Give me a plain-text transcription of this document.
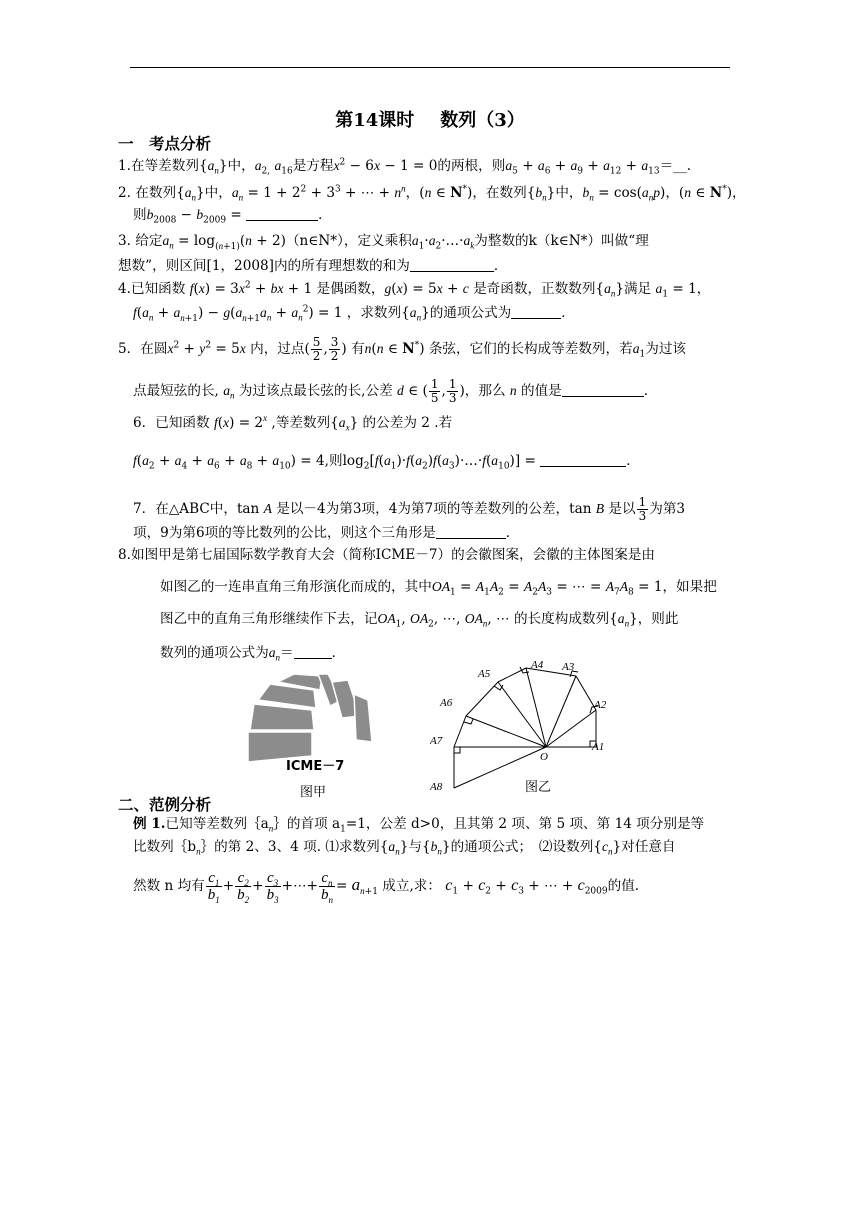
第14课时 数列（3）
一　考点分析
1.在等差数列$\{a_n\}$中，$a_{2,}$ $a_{16}$是方程$x^2 - 6x - 1 = 0$的两根，则$a_5 + a_6 + a_9 + a_{12}$ + $a_{13}=\_\_$.
2. 在数列$\{a_n\}$中，$a_n = 1 + 2^2 + 3^3$ + ⋯ + $n^n$，(n ∈ N*)，在数列$\{b_n\}$中，$b_n = \cos(a_np)$，(n ∈ N*)，
则$b_{2008} - b_{2009}$ =	．
3. 给定$a_n = \log_{(n+1)}(n$ + 2)（n∈N*），定义乘积$a_1\cdot a_2\cdot\dots\cdot a_k$为整数的k（k∈N*）叫做“理
想数”，则区间[1，2008]内的所有理想数的和为	．
4.已知函数 $f(x) = 3x^2$ + bx + 1 是偶函数，g(x) = 5x + c 是奇函数，正数数列$\{a_n\}$满足 $a_1 = 1$，
$f(a_n + a_{n+1}) - g(a_{n+1}a_n + a_n^2) = 1$ ，求数列$\{a_n\}$的通项公式为	．
5．在圆$x^2 + y^2 = 5x$ 内，过点( $\frac{5}{2}$ , $\frac{3}{2}$ ) 有n(n ∈ N*) 条弦，它们的长构成等差数列，若$a_1$为过该
点最短弦的长, $a_n$ 为过该点最长弦的长,公差 d ∈ ( $\frac{1}{5}$ , $\frac{1}{3}$ )，那么 n 的值是	．
6．已知函数 $f(x) = 2^x$ ,等差数列$\{a_x\}$ 的公差为 2 .若
$f(a_2 + a_4 + a_6 + a_8 + a_{10}) = 4$,则$\log_2[f(a_1)\cdot f(a_2)f(a_3)\cdot\dots\cdot f(a_{10})]$ =	．
7．在△ABC中，tan A 是以－4为第3项，4为第7项的等差数列的公差，tan B 是以 $\frac{1}{3}$ 为第3
项，9为第6项的等比数列的公比，则这个三角形是	．
8.如图甲是第七届国际数学教育大会（简称ICME－7）的会徽图案，会徽的主体图案是由
如图乙的一连串直角三角形演化而成的，其中$OA_1 = A_1A_2 = A_2A_3$ = ⋯ = $A_7A_8 = 1$，如果把
图乙中的直角三角形继续作下去，记$OA_1$, $OA_2$, ⋯, $OA_n$, ⋯ 的长度构成数列$\{a_n\}$，则此
数列的通项公式为$a_n=$	．
ICME－7
图甲
A4 A3
A5
A6	A2
A7
O
A1
A8	图乙
二、范例分析
例 1.已知等差数列$\{a_n\}$的首项 $a_1=1$，公差 d>0，且其第 2 项、第 5 项、第 14 项分别是等
比数列$\{b_n\}$的第 2、3、4 项. ⑴求数列$\{a_n\}$与$\{b_n\}$的通项公式；　⑵设数列$\{c_n\}$对任意自
然数 n 均有 $\frac{c_1}{b_1} + \frac{c_2}{b_2} + \frac{c_3}{b_3}$ +⋯+ $\frac{c_n}{b_n} = a_{n+1}$ 成立,求： $c_1 + c_2 + c_3$ + ⋯ + $c_{2009}$的值.
